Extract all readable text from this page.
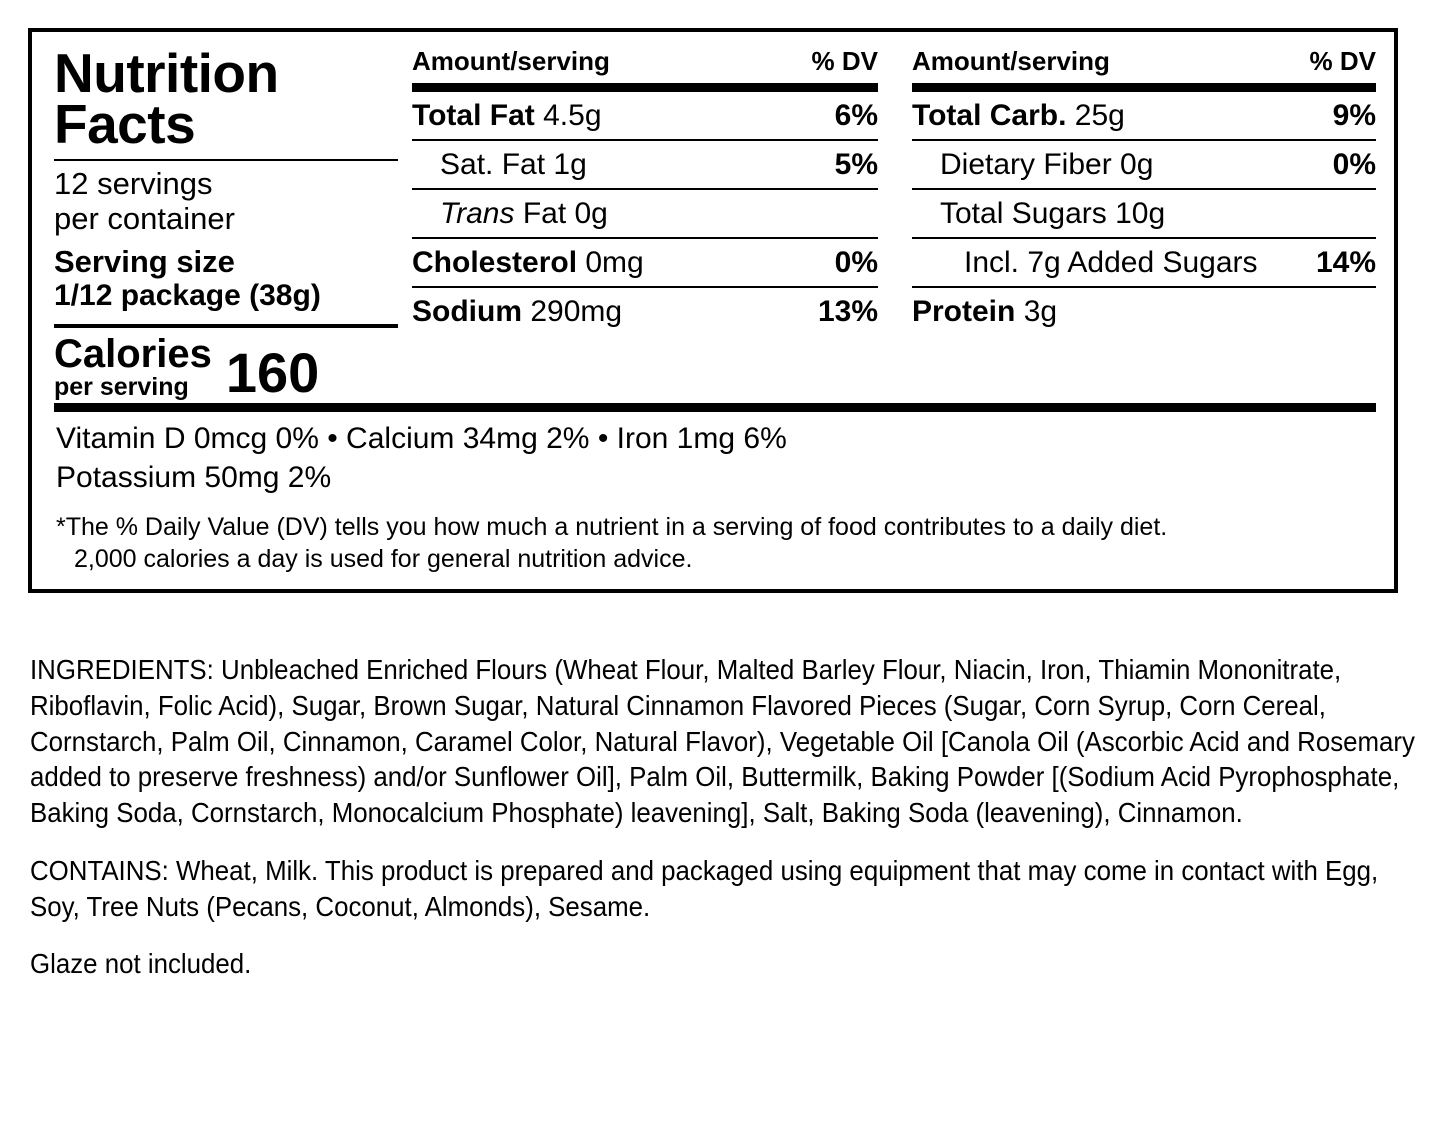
Nutrition
Facts
12 servings
per container
Serving size
1/12 package (38g)
Calories
per serving 160
Amount/serving	% DV
Total Fat 4.5g	6%
Sat. Fat 1g	5%
Trans Fat 0g
Cholesterol 0mg	0%
Sodium 290mg	13%
Amount/serving	% DV
Total Carb. 25g	9%
Dietary Fiber 0g	0%
Total Sugars 10g
Incl. 7g Added Sugars 14%
Protein 3g
Vitamin D 0mcg 0% • Calcium 34mg 2% • Iron 1mg 6%
Potassium 50mg 2%
*The % Daily Value (DV) tells you how much a nutrient in a serving of food contributes to a daily diet.
2,000 calories a day is used for general nutrition advice.

INGREDIENTS: Unbleached Enriched Flours (Wheat Flour, Malted Barley Flour, Niacin, Iron, Thiamin Mononitrate, Riboflavin, Folic Acid), Sugar, Brown Sugar, Natural Cinnamon Flavored Pieces (Sugar, Corn Syrup, Corn Cereal, Cornstarch, Palm Oil, Cinnamon, Caramel Color, Natural Flavor), Vegetable Oil [Canola Oil (Ascorbic Acid and Rosemary added to preserve freshness) and/or Sunflower Oil], Palm Oil, Buttermilk, Baking Powder [(Sodium Acid Pyrophosphate, Baking Soda, Cornstarch, Monocalcium Phosphate) leavening], Salt, Baking Soda (leavening), Cinnamon.

CONTAINS: Wheat, Milk. This product is prepared and packaged using equipment that may come in contact with Egg, Soy, Tree Nuts (Pecans, Coconut, Almonds), Sesame.

Glaze not included.
